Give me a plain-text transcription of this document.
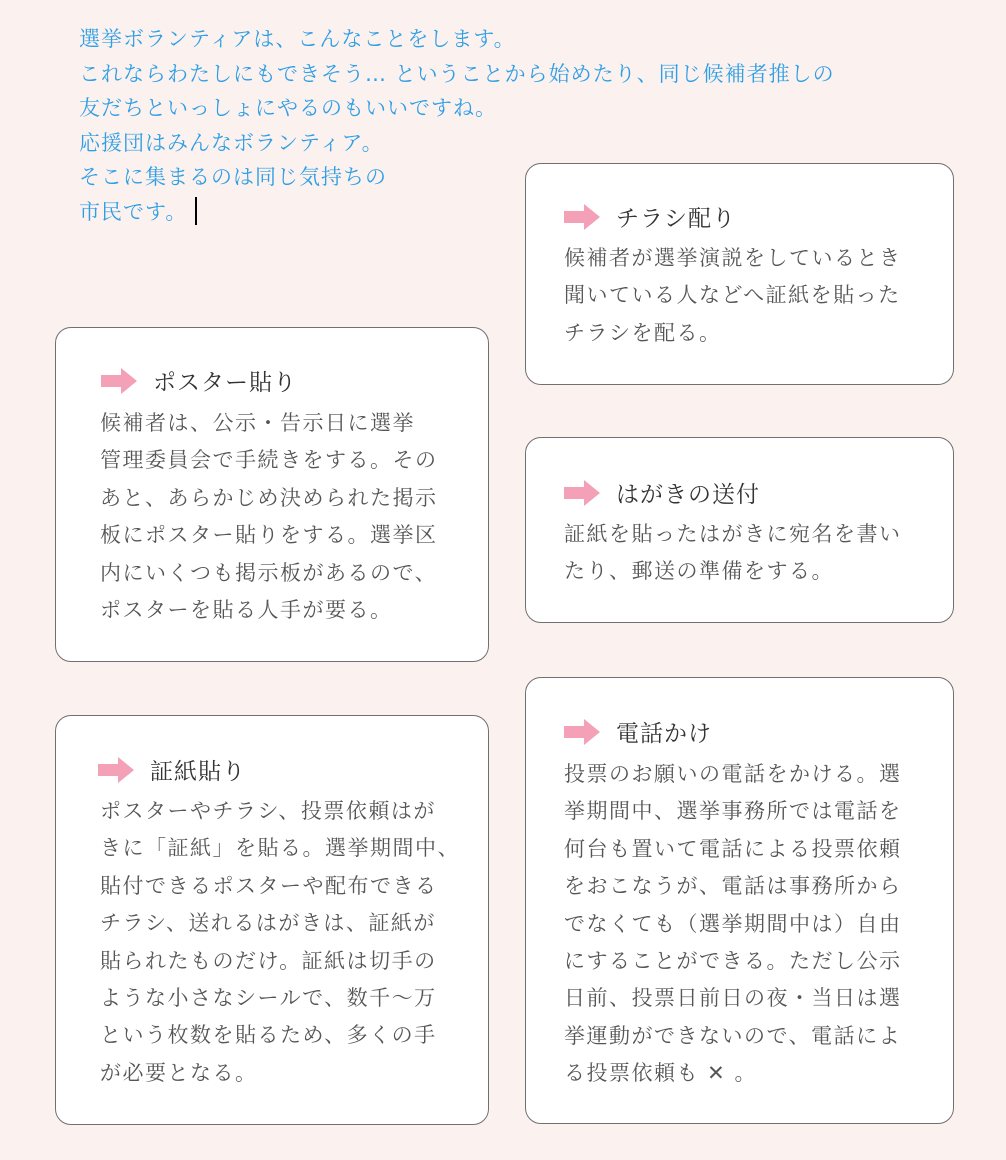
選挙ボランティアは、こんなことをします。
これならわたしにもできそう… ということから始めたり、同じ候補者推しの
友だちといっしょにやるのもいいですね。
応援団はみんなボランティア。
そこに集まるのは同じ気持ちの
市民です。	チラシ配り
候補者が選挙演説をしているとき
聞いている人などへ証紙を貼った
チラシを配る。
ポスター貼り
候補者は、公示・告示日に選挙
管理委員会で手続きをする。その
あと、あらかじめ決められた掲示
板にポスター貼りをする。選挙区
内にいくつも掲示板があるので、
ポスターを貼る人手が要る。
はがきの送付
証紙を貼ったはがきに宛名を書い
たり、郵送の準備をする。
証紙貼り
ポスターやチラシ、投票依頼はが
きに「証紙」を貼る。選挙期間中、
貼付できるポスターや配布できる
チラシ、送れるはがきは、証紙が
貼られたものだけ。証紙は切手の
ような小さなシールで、数千〜万
という枚数を貼るため、多くの手
が必要となる。
電話かけ
投票のお願いの電話をかける。選
挙期間中、選挙事務所では電話を
何台も置いて電話による投票依頼
をおこなうが、電話は事務所から
でなくても（選挙期間中は）自由
にすることができる。ただし公示
日前、投票日前日の夜・当日は選
挙運動ができないので、電話によ
る投票依頼も ✕ 。
